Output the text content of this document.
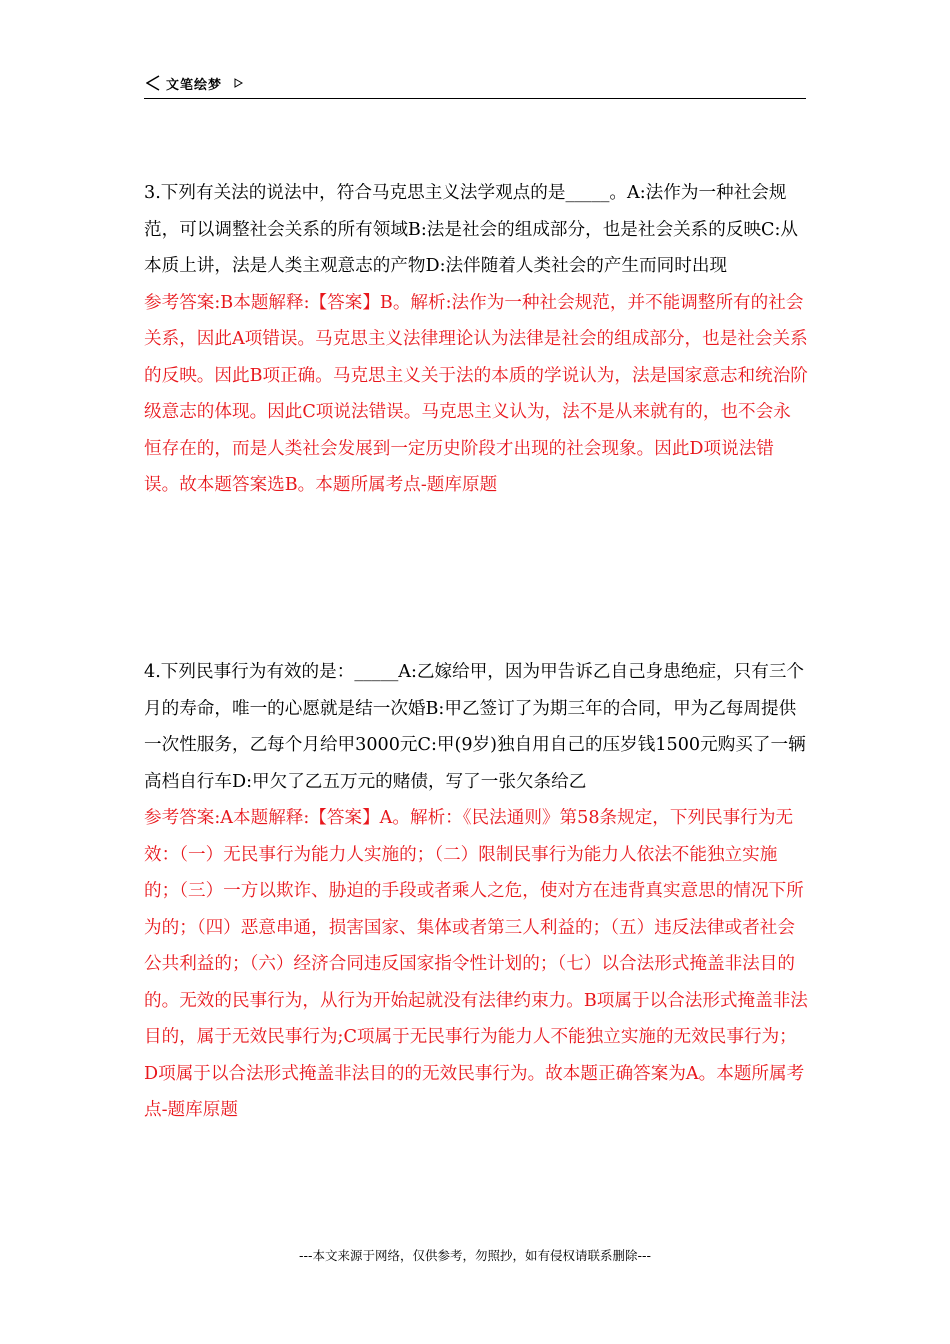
文笔绘梦

3.下列有关法的说法中，符合马克思主义法学观点的是_____。A:法作为一种社会规范，可以调整社会关系的所有领域B:法是社会的组成部分，也是社会关系的反映C:从本质上讲，法是人类主观意志的产物D:法伴随着人类社会的产生而同时出现

参考答案:B本题解释:【答案】B。解析:法作为一种社会规范，并不能调整所有的社会关系，因此A项错误。马克思主义法律理论认为法律是社会的组成部分，也是社会关系的反映。因此B项正确。马克思主义关于法的本质的学说认为，法是国家意志和统治阶级意志的体现。因此C项说法错误。马克思主义认为，法不是从来就有的，也不会永恒存在的，而是人类社会发展到一定历史阶段才出现的社会现象。因此D项说法错误。故本题答案选B。本题所属考点-题库原题

4.下列民事行为有效的是：_____A:乙嫁给甲，因为甲告诉乙自己身患绝症，只有三个月的寿命，唯一的心愿就是结一次婚B:甲乙签订了为期三年的合同，甲为乙每周提供一次性服务，乙每个月给甲3000元C:甲(9岁)独自用自己的压岁钱1500元购买了一辆高档自行车D:甲欠了乙五万元的赌债，写了一张欠条给乙

参考答案:A本题解释:【答案】A。解析：《民法通则》第58条规定，下列民事行为无效：（一）无民事行为能力人实施的；（二）限制民事行为能力人依法不能独立实施的；（三）一方以欺诈、胁迫的手段或者乘人之危，使对方在违背真实意思的情况下所为的；（四）恶意串通，损害国家、集体或者第三人利益的；（五）违反法律或者社会公共利益的；（六）经济合同违反国家指令性计划的；（七）以合法形式掩盖非法目的的。无效的民事行为，从行为开始起就没有法律约束力。B项属于以合法形式掩盖非法目的，属于无效民事行为;C项属于无民事行为能力人不能独立实施的无效民事行为；D项属于以合法形式掩盖非法目的的无效民事行为。故本题正确答案为A。本题所属考点-题库原题

---本文来源于网络，仅供参考，勿照抄，如有侵权请联系删除---
